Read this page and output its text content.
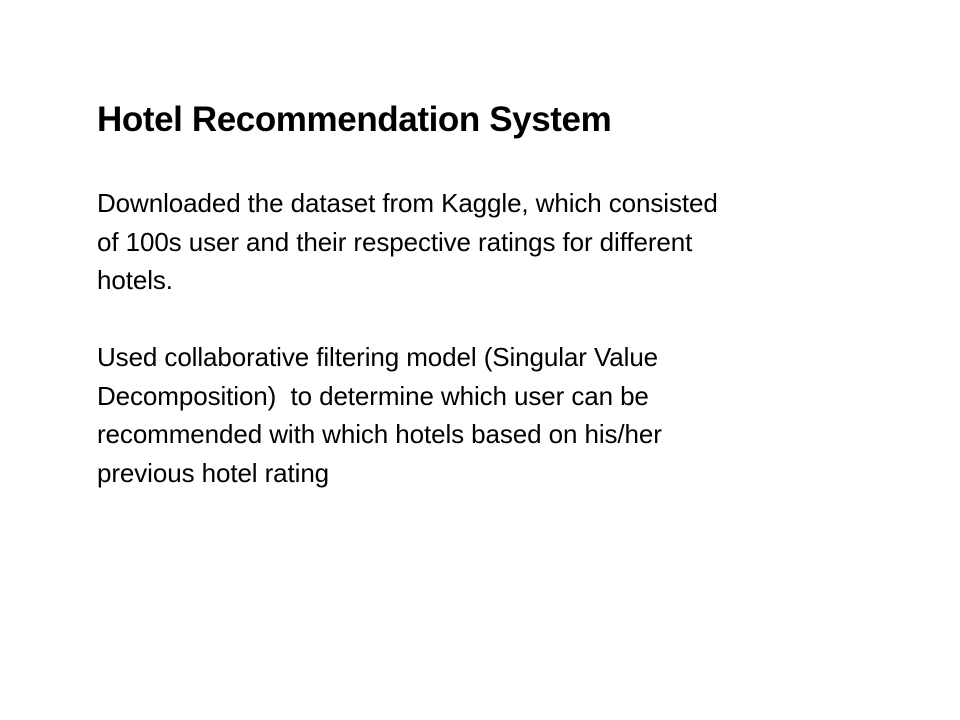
Hotel Recommendation System
Downloaded the dataset from Kaggle, which consisted
of 100s user and their respective ratings for different
hotels.
Used collaborative filtering model (Singular Value
Decomposition)  to determine which user can be
recommended with which hotels based on his/her
previous hotel rating
